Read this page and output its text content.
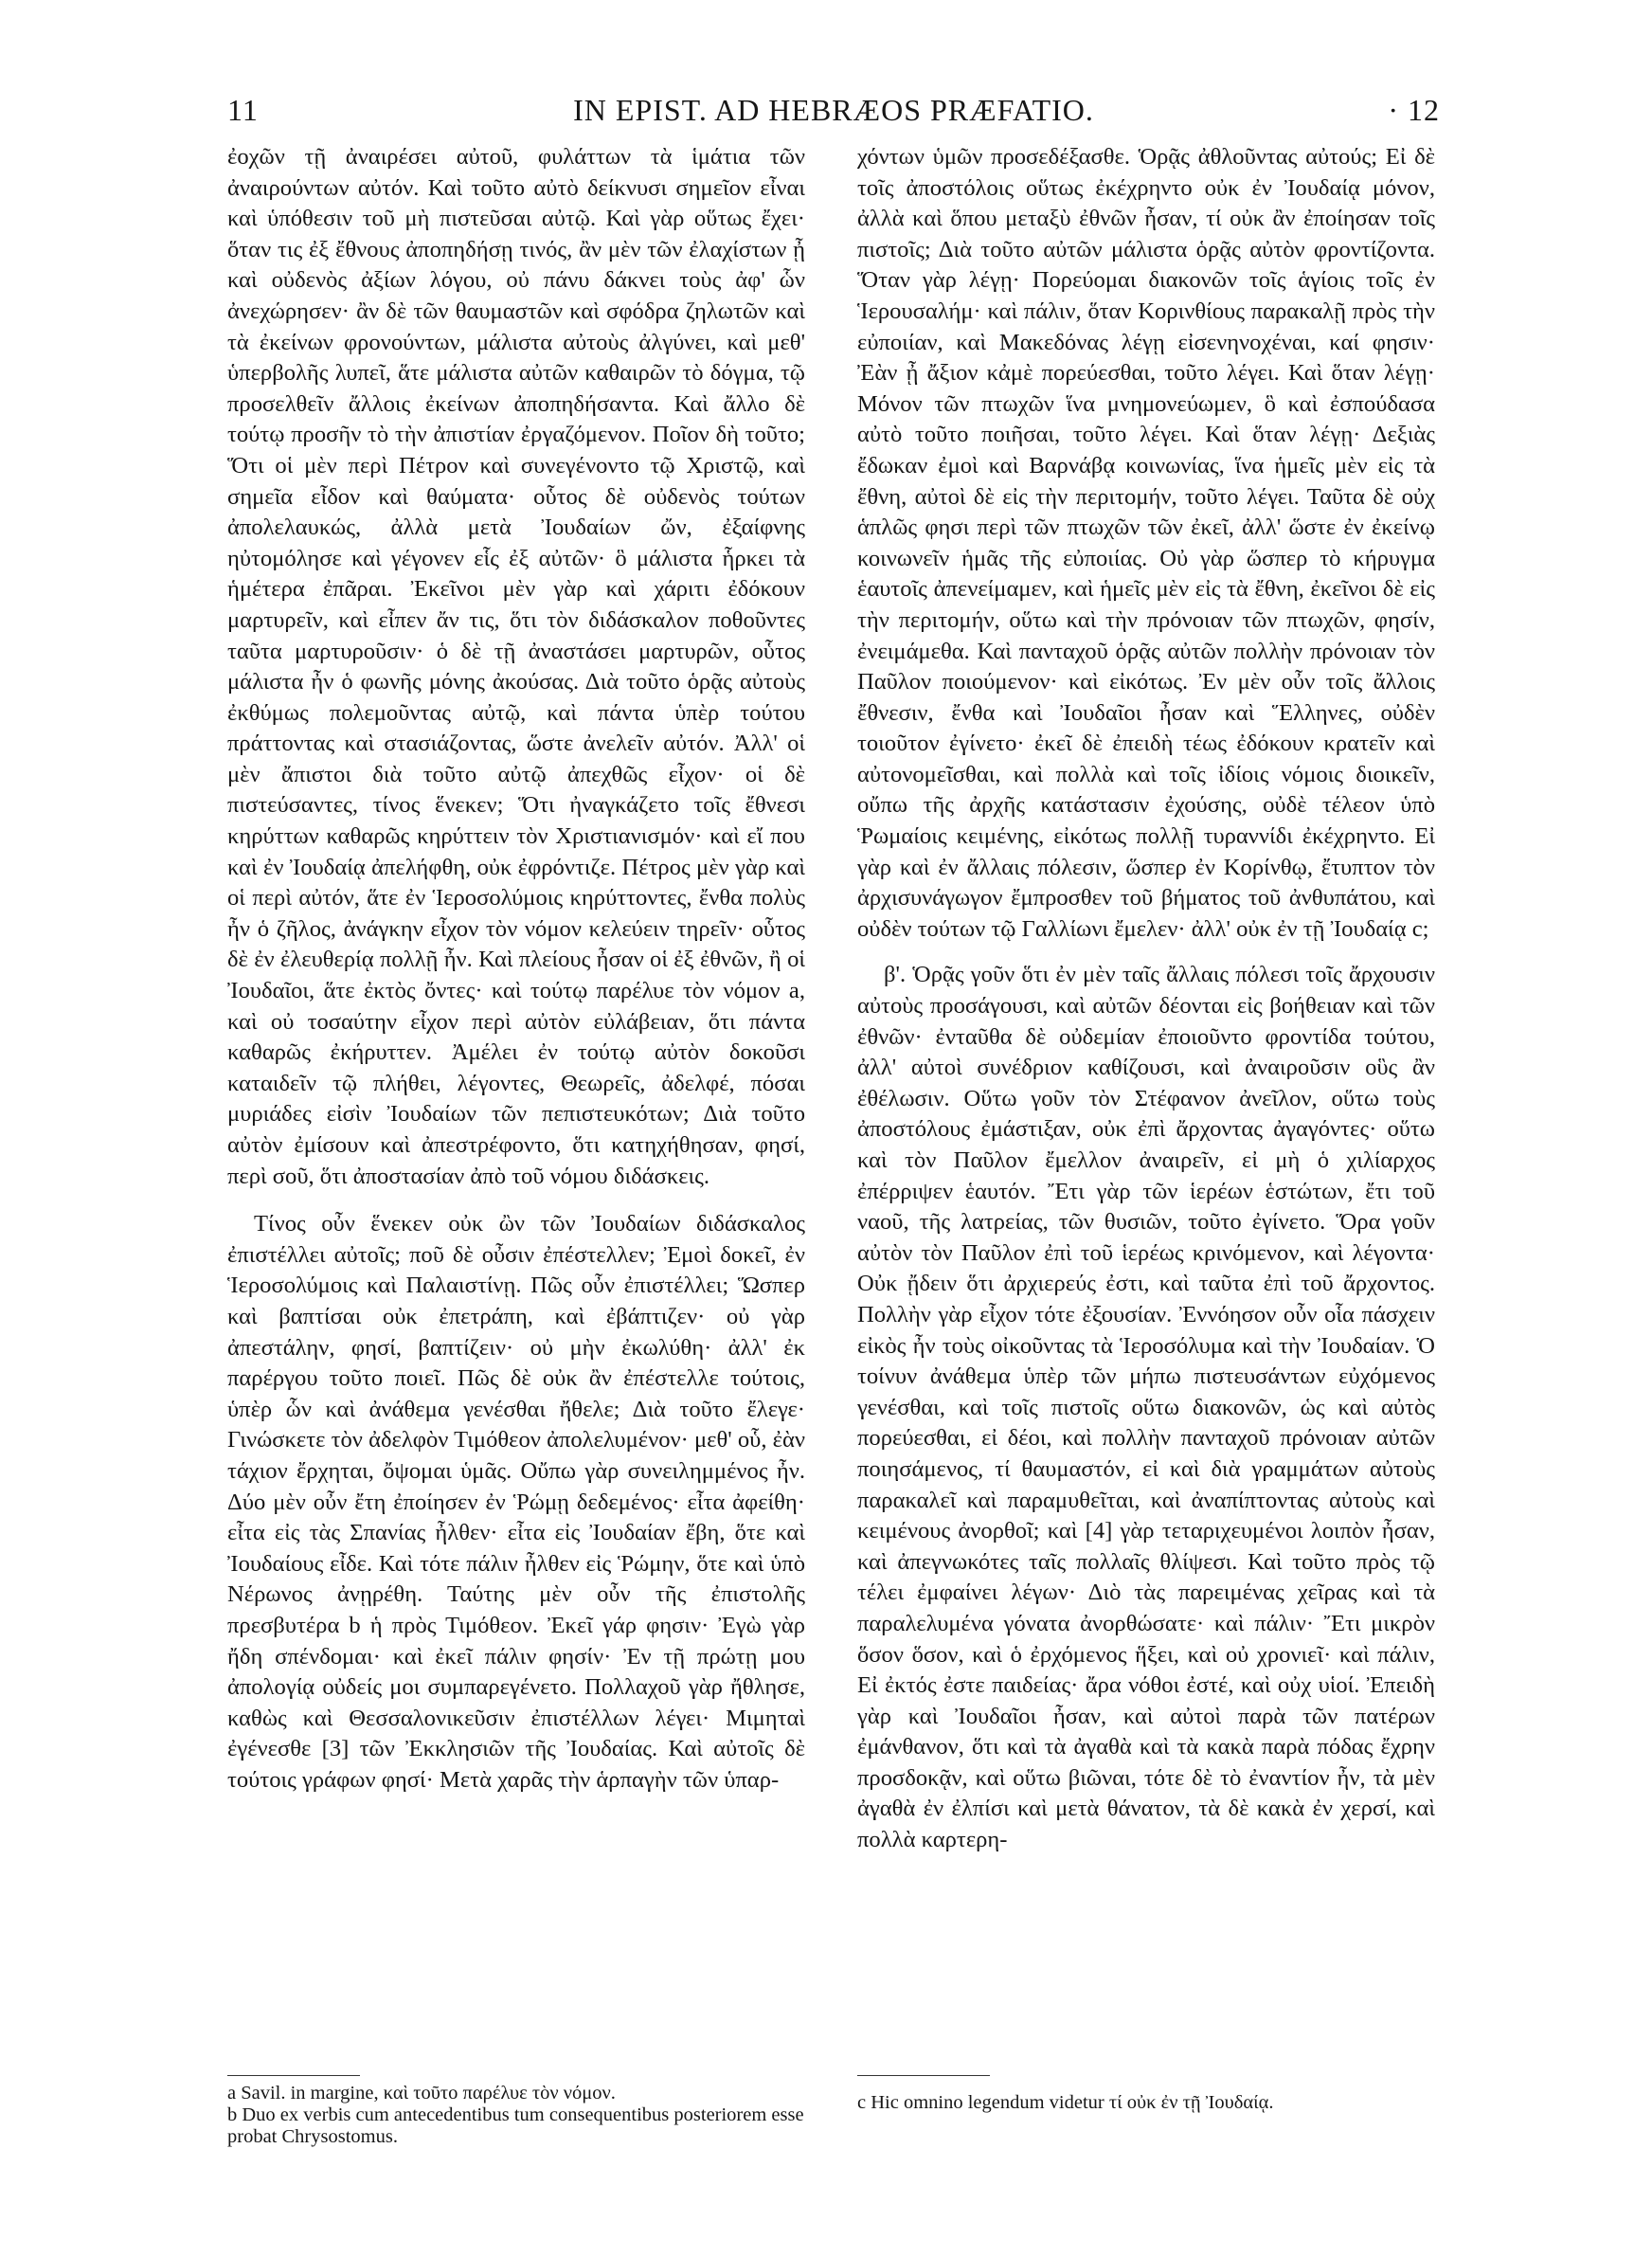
11	IN EPIST. AD HEBRÆOS PRÆFATIO.	· 12

ἐοχῶν τῇ ἀναιρέσει αὐτοῦ, φυλάττων τὰ ἱμάτια τῶν ἀναιρούντων αὐτόν. Καὶ τοῦτο αὐτὸ δείκνυσι σημεῖον εἶναι καὶ ὑπόθεσιν τοῦ μὴ πιστεῦσαι αὐτῷ. Καὶ γὰρ οὕτως ἔχει· ὅταν τις ἐξ ἔθνους ἀποπηδήσῃ τινός, ἂν μὲν τῶν ἐλαχίστων ᾖ καὶ οὐδενὸς ἀξίων λόγου, οὐ πάνυ δάκνει τοὺς ἀφ' ὧν ἀνεχώρησεν· ἂν δὲ τῶν θαυμαστῶν καὶ σφόδρα ζηλωτῶν καὶ τὰ ἐκείνων φρονούντων, μάλιστα αὐτοὺς ἀλγύνει, καὶ μεθ' ὑπερβολῆς λυπεῖ, ἅτε μάλιστα αὐτῶν καθαιρῶν τὸ δόγμα, τῷ προσελθεῖν ἄλλοις ἐκείνων ἀποπηδήσαντα. Καὶ ἄλλο δὲ τούτῳ προσῆν τὸ τὴν ἀπιστίαν ἐργαζόμενον. Ποῖον δὴ τοῦτο; Ὅτι οἱ μὲν περὶ Πέτρον καὶ συνεγένοντο τῷ Χριστῷ, καὶ σημεῖα εἶδον καὶ θαύματα· οὗτος δὲ οὐδενὸς τούτων ἀπολελαυκώς, ἀλλὰ μετὰ Ἰουδαίων ὤν, ἐξαίφνης ηὐτομόλησε καὶ γέγονεν εἷς ἐξ αὐτῶν· ὃ μάλιστα ἧρκει τὰ ἡμέτερα ἐπᾶραι. Ἐκεῖνοι μὲν γὰρ καὶ χάριτι ἐδόκουν μαρτυρεῖν, καὶ εἶπεν ἄν τις, ὅτι τὸν διδάσκαλον ποθοῦντες ταῦτα μαρτυροῦσιν· ὁ δὲ τῇ ἀναστάσει μαρτυρῶν, οὗτος μάλιστα ἦν ὁ φωνῆς μόνης ἀκούσας. Διὰ τοῦτο ὁρᾷς αὐτοὺς ἐκθύμως πολεμοῦντας αὐτῷ, καὶ πάντα ὑπὲρ τούτου πράττοντας καὶ στασιάζοντας, ὥστε ἀνελεῖν αὐτόν. Ἀλλ' οἱ μὲν ἄπιστοι διὰ τοῦτο αὐτῷ ἀπεχθῶς εἶχον· οἱ δὲ πιστεύσαντες, τίνος ἕνεκεν; Ὅτι ἠναγκάζετο τοῖς ἔθνεσι κηρύττων καθαρῶς κηρύττειν τὸν Χριστιανισμόν· καὶ εἴ που καὶ ἐν Ἰουδαίᾳ ἀπελήφθη, οὐκ ἐφρόντιζε. Πέτρος μὲν γὰρ καὶ οἱ περὶ αὐτόν, ἅτε ἐν Ἱεροσολύμοις κηρύττοντες, ἔνθα πολὺς ἦν ὁ ζῆλος, ἀνάγκην εἶχον τὸν νόμον κελεύειν τηρεῖν· οὗτος δὲ ἐν ἐλευθερίᾳ πολλῇ ἦν. Καὶ πλείους ἦσαν οἱ ἐξ ἐθνῶν, ἢ οἱ Ἰουδαῖοι, ἅτε ἐκτὸς ὄντες· καὶ τούτῳ παρέλυε τὸν νόμον a, καὶ οὐ τοσαύτην εἶχον περὶ αὐτὸν εὐλάβειαν, ὅτι πάντα καθαρῶς ἐκήρυττεν. Ἀμέλει ἐν τούτῳ αὐτὸν δοκοῦσι καταιδεῖν τῷ πλήθει, λέγοντες, Θεωρεῖς, ἀδελφέ, πόσαι μυριάδες εἰσὶν Ἰουδαίων τῶν πεπιστευκότων; Διὰ τοῦτο αὐτὸν ἐμίσουν καὶ ἀπεστρέφοντο, ὅτι κατηχήθησαν, φησί, περὶ σοῦ, ὅτι ἀποστασίαν ἀπὸ τοῦ νόμου διδάσκεις.

Τίνος οὖν ἕνεκεν οὐκ ὢν τῶν Ἰουδαίων διδάσκαλος ἐπιστέλλει αὐτοῖς; ποῦ δὲ οὖσιν ἐπέστελλεν; Ἐμοὶ δοκεῖ, ἐν Ἱεροσολύμοις καὶ Παλαιστίνῃ. Πῶς οὖν ἐπιστέλλει; Ὥσπερ καὶ βαπτίσαι οὐκ ἐπετράπη, καὶ ἐβάπτιζεν· οὐ γὰρ ἀπεστάλην, φησί, βαπτίζειν· οὐ μὴν ἐκωλύθη· ἀλλ' ἐκ παρέργου τοῦτο ποιεῖ. Πῶς δὲ οὐκ ἂν ἐπέστελλε τούτοις, ὑπὲρ ὧν καὶ ἀνάθεμα γενέσθαι ἤθελε; Διὰ τοῦτο ἔλεγε· Γινώσκετε τὸν ἀδελφὸν Τιμόθεον ἀπολελυμένον· μεθ' οὗ, ἐὰν τάχιον ἔρχηται, ὄψομαι ὑμᾶς. Οὔπω γὰρ συνειλημμένος ἦν. Δύο μὲν οὖν ἔτη ἐποίησεν ἐν Ῥώμῃ δεδεμένος· εἶτα ἀφείθη· εἶτα εἰς τὰς Σπανίας ἦλθεν· εἶτα εἰς Ἰουδαίαν ἔβη, ὅτε καὶ Ἰουδαίους εἶδε. Καὶ τότε πάλιν ἦλθεν εἰς Ῥώμην, ὅτε καὶ ὑπὸ Νέρωνος ἀνῃρέθη. Ταύτης μὲν οὖν τῆς ἐπιστολῆς πρεσβυτέρα b ἡ πρὸς Τιμόθεον. Ἐκεῖ γάρ φησιν· Ἐγὼ γὰρ ἤδη σπένδομαι· καὶ ἐκεῖ πάλιν φησίν· Ἐν τῇ πρώτῃ μου ἀπολογίᾳ οὐδείς μοι συμπαρεγένετο. Πολλαχοῦ γὰρ ἤθλησε, καθὼς καὶ Θεσσαλονικεῦσιν ἐπιστέλλων λέγει· Μιμηταὶ ἐγένεσθε [3] τῶν Ἐκκλησιῶν τῆς Ἰουδαίας. Καὶ αὐτοῖς δὲ τούτοις γράφων φησί· Μετὰ χαρᾶς τὴν ἁρπαγὴν τῶν ὑπαρ-

χόντων ὑμῶν προσεδέξασθε. Ὁρᾷς ἀθλοῦντας αὐτούς; Εἰ δὲ τοῖς ἀποστόλοις οὕτως ἐκέχρηντο οὐκ ἐν Ἰουδαίᾳ μόνον, ἀλλὰ καὶ ὅπου μεταξὺ ἐθνῶν ἦσαν, τί οὐκ ἂν ἐποίησαν τοῖς πιστοῖς; Διὰ τοῦτο αὐτῶν μάλιστα ὁρᾷς αὐτὸν φροντίζοντα. Ὅταν γὰρ λέγῃ· Πορεύομαι διακονῶν τοῖς ἁγίοις τοῖς ἐν Ἱερουσαλήμ· καὶ πάλιν, ὅταν Κορινθίους παρακαλῇ πρὸς τὴν εὐποιίαν, καὶ Μακεδόνας λέγῃ εἰσενηνοχέναι, καί φησιν· Ἐὰν ᾖ ἄξιον κἀμὲ πορεύεσθαι, τοῦτο λέγει. Καὶ ὅταν λέγῃ· Μόνον τῶν πτωχῶν ἵνα μνημονεύωμεν, ὃ καὶ ἐσπούδασα αὐτὸ τοῦτο ποιῆσαι, τοῦτο λέγει. Καὶ ὅταν λέγῃ· Δεξιὰς ἔδωκαν ἐμοὶ καὶ Βαρνάβᾳ κοινωνίας, ἵνα ἡμεῖς μὲν εἰς τὰ ἔθνη, αὐτοὶ δὲ εἰς τὴν περιτομήν, τοῦτο λέγει. Ταῦτα δὲ οὐχ ἁπλῶς φησι περὶ τῶν πτωχῶν τῶν ἐκεῖ, ἀλλ' ὥστε ἐν ἐκείνῳ κοινωνεῖν ἡμᾶς τῆς εὐποιίας. Οὐ γὰρ ὥσπερ τὸ κήρυγμα ἑαυτοῖς ἀπενείμαμεν, καὶ ἡμεῖς μὲν εἰς τὰ ἔθνη, ἐκεῖνοι δὲ εἰς τὴν περιτομήν, οὕτω καὶ τὴν πρόνοιαν τῶν πτωχῶν, φησίν, ἐνειμάμεθα. Καὶ πανταχοῦ ὁρᾷς αὐτῶν πολλὴν πρόνοιαν τὸν Παῦλον ποιούμενον· καὶ εἰκότως. Ἐν μὲν οὖν τοῖς ἄλλοις ἔθνεσιν, ἔνθα καὶ Ἰουδαῖοι ἦσαν καὶ Ἕλληνες, οὐδὲν τοιοῦτον ἐγίνετο· ἐκεῖ δὲ ἐπειδὴ τέως ἐδόκουν κρατεῖν καὶ αὐτονομεῖσθαι, καὶ πολλὰ καὶ τοῖς ἰδίοις νόμοις διοικεῖν, οὔπω τῆς ἀρχῆς κατάστασιν ἐχούσης, οὐδὲ τέλεον ὑπὸ Ῥωμαίοις κειμένης, εἰκότως πολλῇ τυραννίδι ἐκέχρηντο. Εἰ γὰρ καὶ ἐν ἄλλαις πόλεσιν, ὥσπερ ἐν Κορίνθῳ, ἔτυπτον τὸν ἀρχισυνάγωγον ἔμπροσθεν τοῦ βήματος τοῦ ἀνθυπάτου, καὶ οὐδὲν τούτων τῷ Γαλλίωνι ἔμελεν· ἀλλ' οὐκ ἐν τῇ Ἰουδαίᾳ c;

β'. Ὁρᾷς γοῦν ὅτι ἐν μὲν ταῖς ἄλλαις πόλεσι τοῖς ἄρχουσιν αὐτοὺς προσάγουσι, καὶ αὐτῶν δέονται εἰς βοήθειαν καὶ τῶν ἐθνῶν· ἐνταῦθα δὲ οὐδεμίαν ἐποιοῦντο φροντίδα τούτου, ἀλλ' αὐτοὶ συνέδριον καθίζουσι, καὶ ἀναιροῦσιν οὓς ἂν ἐθέλωσιν. Οὕτω γοῦν τὸν Στέφανον ἀνεῖλον, οὕτω τοὺς ἀποστόλους ἐμάστιξαν, οὐκ ἐπὶ ἄρχοντας ἀγαγόντες· οὕτω καὶ τὸν Παῦλον ἔμελλον ἀναιρεῖν, εἰ μὴ ὁ χιλίαρχος ἐπέρριψεν ἑαυτόν. Ἔτι γὰρ τῶν ἱερέων ἑστώτων, ἔτι τοῦ ναοῦ, τῆς λατρείας, τῶν θυσιῶν, τοῦτο ἐγίνετο. Ὅρα γοῦν αὐτὸν τὸν Παῦλον ἐπὶ τοῦ ἱερέως κρινόμενον, καὶ λέγοντα· Οὐκ ᾔδειν ὅτι ἀρχιερεύς ἐστι, καὶ ταῦτα ἐπὶ τοῦ ἄρχοντος. Πολλὴν γὰρ εἶχον τότε ἐξουσίαν. Ἐννόησον οὖν οἷα πάσχειν εἰκὸς ἦν τοὺς οἰκοῦντας τὰ Ἱεροσόλυμα καὶ τὴν Ἰουδαίαν. Ὁ τοίνυν ἀνάθεμα ὑπὲρ τῶν μήπω πιστευσάντων εὐχόμενος γενέσθαι, καὶ τοῖς πιστοῖς οὕτω διακονῶν, ὡς καὶ αὐτὸς πορεύεσθαι, εἰ δέοι, καὶ πολλὴν πανταχοῦ πρόνοιαν αὐτῶν ποιησάμενος, τί θαυμαστόν, εἰ καὶ διὰ γραμμάτων αὐτοὺς παρακαλεῖ καὶ παραμυθεῖται, καὶ ἀναπίπτοντας αὐτοὺς καὶ κειμένους ἀνορθοῖ; καὶ [4] γὰρ τεταριχευμένοι λοιπὸν ἦσαν, καὶ ἀπεγνωκότες ταῖς πολλαῖς θλίψεσι. Καὶ τοῦτο πρὸς τῷ τέλει ἐμφαίνει λέγων· Διὸ τὰς παρειμένας χεῖρας καὶ τὰ παραλελυμένα γόνατα ἀνορθώσατε· καὶ πάλιν· Ἔτι μικρὸν ὅσον ὅσον, καὶ ὁ ἐρχόμενος ἥξει, καὶ οὐ χρονιεῖ· καὶ πάλιν, Εἰ ἐκτός ἐστε παιδείας· ἄρα νόθοι ἐστέ, καὶ οὐχ υἱοί. Ἐπειδὴ γὰρ καὶ Ἰουδαῖοι ἦσαν, καὶ αὐτοὶ παρὰ τῶν πατέρων ἐμάνθανον, ὅτι καὶ τὰ ἀγαθὰ καὶ τὰ κακὰ παρὰ πόδας ἔχρην προσδοκᾷν, καὶ οὕτω βιῶναι, τότε δὲ τὸ ἐναντίον ἦν, τὰ μὲν ἀγαθὰ ἐν ἐλπίσι καὶ μετὰ θάνατον, τὰ δὲ κακὰ ἐν χερσί, καὶ πολλὰ καρτερη-

a Savil. in margine, καὶ τοῦτο παρέλυε τὸν νόμον.

b Duo ex verbis cum antecedentibus tum consequentibus posteriorem esse probat Chrysostomus.

c Hic omnino legendum videtur τί οὐκ ἐν τῇ Ἰουδαίᾳ.
